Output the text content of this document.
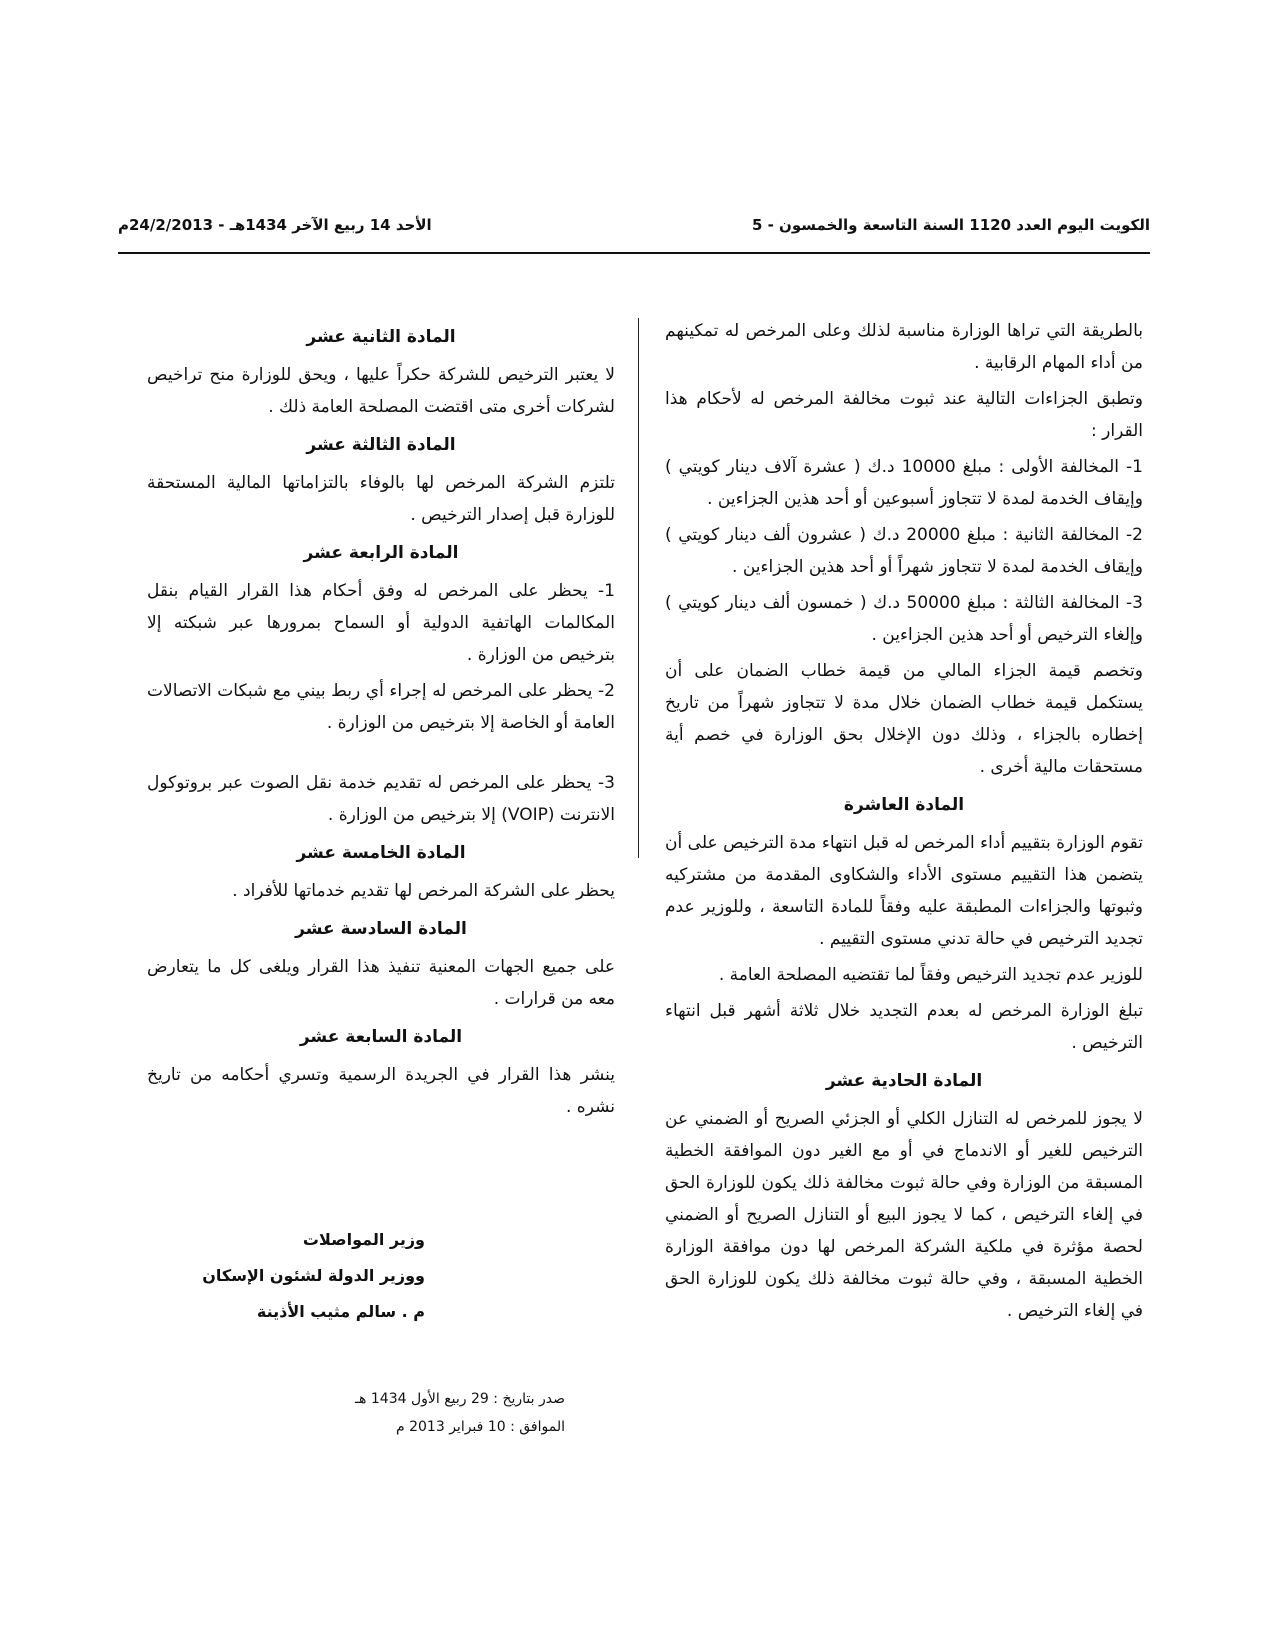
الكويت اليوم العدد 1120 السنة التاسعة والخمسون - 5
الأحد 14 ربيع الآخر 1434هـ - 24/2/2013م

بالطريقة التي تراها الوزارة مناسبة لذلك وعلى المرخص له تمكينهم من أداء المهام الرقابية .

وتطبق الجزاءات التالية عند ثبوت مخالفة المرخص له لأحكام هذا القرار :

1- المخالفة الأولى : مبلغ 10000 د.ك ( عشرة آلاف دينار كويتي ) وإيقاف الخدمة لمدة لا تتجاوز أسبوعين أو أحد هذين الجزاءين .

2- المخالفة الثانية : مبلغ 20000 د.ك ( عشرون ألف دينار كويتي ) وإيقاف الخدمة لمدة لا تتجاوز شهراً أو أحد هذين الجزاءين .

3- المخالفة الثالثة : مبلغ 50000 د.ك ( خمسون ألف دينار كويتي ) وإلغاء الترخيص أو أحد هذين الجزاءين .

وتخصم قيمة الجزاء المالي من قيمة خطاب الضمان على أن يستكمل قيمة خطاب الضمان خلال مدة لا تتجاوز شهراً من تاريخ إخطاره بالجزاء ، وذلك دون الإخلال بحق الوزارة في خصم أية مستحقات مالية أخرى .

المادة العاشرة

تقوم الوزارة بتقييم أداء المرخص له قبل انتهاء مدة الترخيص على أن يتضمن هذا التقييم مستوى الأداء والشكاوى المقدمة من مشتركيه وثبوتها والجزاءات المطبقة عليه وفقاً للمادة التاسعة ، وللوزير عدم تجديد الترخيص في حالة تدني مستوى التقييم .

للوزير عدم تجديد الترخيص وفقاً لما تقتضيه المصلحة العامة .

تبلغ الوزارة المرخص له بعدم التجديد خلال ثلاثة أشهر قبل انتهاء الترخيص .

المادة الحادية عشر

لا يجوز للمرخص له التنازل الكلي أو الجزئي الصريح أو الضمني عن الترخيص للغير أو الاندماج في أو مع الغير دون الموافقة الخطية المسبقة من الوزارة وفي حالة ثبوت مخالفة ذلك يكون للوزارة الحق في إلغاء الترخيص ، كما لا يجوز البيع أو التنازل الصريح أو الضمني لحصة مؤثرة في ملكية الشركة المرخص لها دون موافقة الوزارة الخطية المسبقة ، وفي حالة ثبوت مخالفة ذلك يكون للوزارة الحق في إلغاء الترخيص .

المادة الثانية عشر

لا يعتبر الترخيص للشركة حكراً عليها ، ويحق للوزارة منح تراخيص لشركات أخرى متى اقتضت المصلحة العامة ذلك .

المادة الثالثة عشر

تلتزم الشركة المرخص لها بالوفاء بالتزاماتها المالية المستحقة للوزارة قبل إصدار الترخيص .

المادة الرابعة عشر

1- يحظر على المرخص له وفق أحكام هذا القرار القيام بنقل المكالمات الهاتفية الدولية أو السماح بمرورها عبر شبكته إلا بترخيص من الوزارة .

2- يحظر على المرخص له إجراء أي ربط بيني مع شبكات الاتصالات العامة أو الخاصة إلا بترخيص من الوزارة .

3- يحظر على المرخص له تقديم خدمة نقل الصوت عبر بروتوكول الانترنت (VOIP) إلا بترخيص من الوزارة .

المادة الخامسة عشر

يحظر على الشركة المرخص لها تقديم خدماتها للأفراد .

المادة السادسة عشر

على جميع الجهات المعنية تنفيذ هذا القرار ويلغى كل ما يتعارض معه من قرارات .

المادة السابعة عشر

ينشر هذا القرار في الجريدة الرسمية وتسري أحكامه من تاريخ نشره .

وزير المواصلات
ووزير الدولة لشئون الإسكان
م . سالم مثيب الأذينة
صدر بتاريخ : 29 ربيع الأول 1434 هـ
الموافق : 10 فبراير 2013 م
